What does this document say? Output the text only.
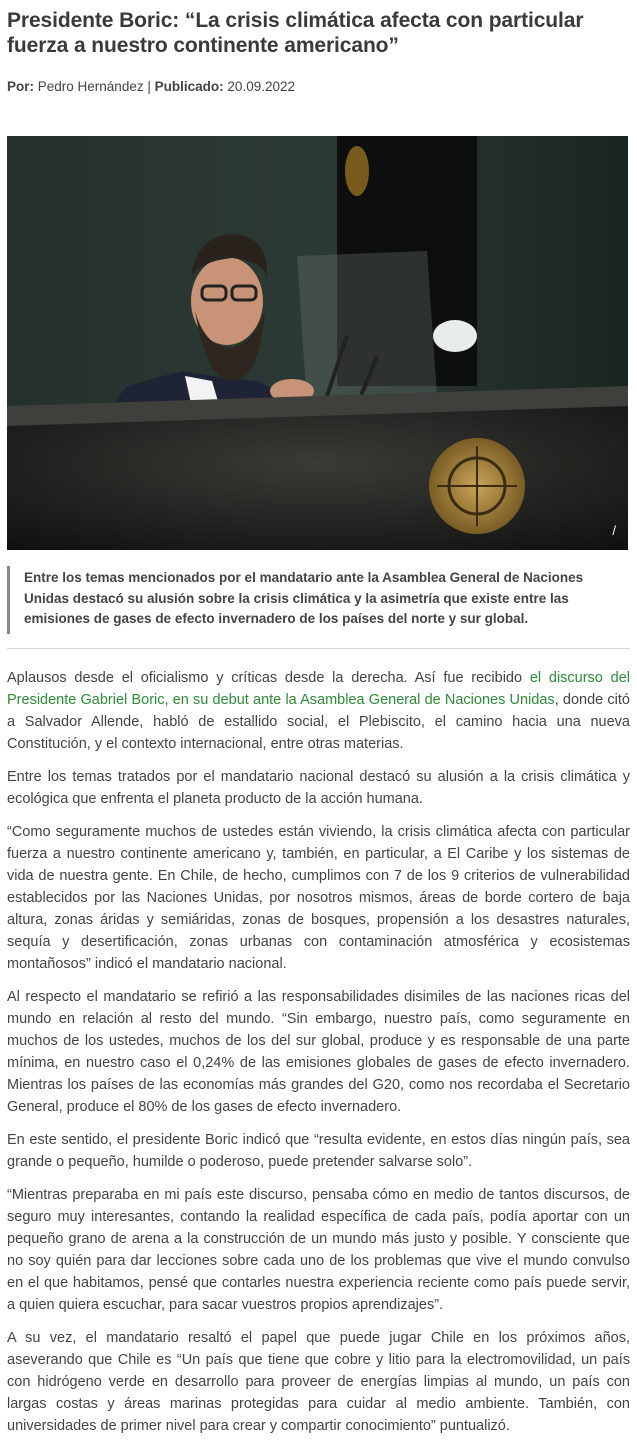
Presidente Boric: “La crisis climática afecta con particular fuerza a nuestro continente americano”
Por: Pedro Hernández | Publicado: 20.09.2022
/
Entre los temas mencionados por el mandatario ante la Asamblea General de Naciones Unidas destacó su alusión sobre la crisis climática y la asimetría que existe entre las emisiones de gases de efecto invernadero de los países del norte y sur global.

Aplausos desde el oficialismo y críticas desde la derecha. Así fue recibido el discurso del Presidente Gabriel Boric, en su debut ante la Asamblea General de Naciones Unidas, donde citó a Salvador Allende, habló de estallido social, el Plebiscito, el camino hacia una nueva Constitución, y el contexto internacional, entre otras materias.

Entre los temas tratados por el mandatario nacional destacó su alusión a la crisis climática y ecológica que enfrenta el planeta producto de la acción humana.

“Como seguramente muchos de ustedes están viviendo, la crisis climática afecta con particular fuerza a nuestro continente americano y, también, en particular, a El Caribe y los sistemas de vida de nuestra gente. En Chile, de hecho, cumplimos con 7 de los 9 criterios de vulnerabilidad establecidos por las Naciones Unidas, por nosotros mismos, áreas de borde cortero de baja altura, zonas áridas y semiáridas, zonas de bosques, propensión a los desastres naturales, sequía y desertificación, zonas urbanas con contaminación atmosférica y ecosistemas montañosos” indicó el mandatario nacional.

Al respecto el mandatario se refirió a las responsabilidades disimiles de las naciones ricas del mundo en relación al resto del mundo. “Sin embargo, nuestro país, como seguramente en muchos de los ustedes, muchos de los del sur global, produce y es responsable de una parte mínima, en nuestro caso el 0,24% de las emisiones globales de gases de efecto invernadero. Mientras los países de las economías más grandes del G20, como nos recordaba el Secretario General, produce el 80% de los gases de efecto invernadero.

En este sentido, el presidente Boric indicó que “resulta evidente, en estos días ningún país, sea grande o pequeño, humilde o poderoso, puede pretender salvarse solo”.

“Mientras preparaba en mi país este discurso, pensaba cómo en medio de tantos discursos, de seguro muy interesantes, contando la realidad específica de cada país, podía aportar con un pequeño grano de arena a la construcción de un mundo más justo y posible. Y consciente que no soy quién para dar lecciones sobre cada uno de los problemas que vive el mundo convulso en el que habitamos, pensé que contarles nuestra experiencia reciente como país puede servir, a quien quiera escuchar, para sacar vuestros propios aprendizajes”.

A su vez, el mandatario resaltó el papel que puede jugar Chile en los próximos años, aseverando que Chile es “Un país que tiene que cobre y litio para la electromovilidad, un país con hidrógeno verde en desarrollo para proveer de energías limpias al mundo, un país con largas costas y áreas marinas protegidas para cuidar al medio ambiente. También, con universidades de primer nivel para crear y compartir conocimiento” puntualizó.
